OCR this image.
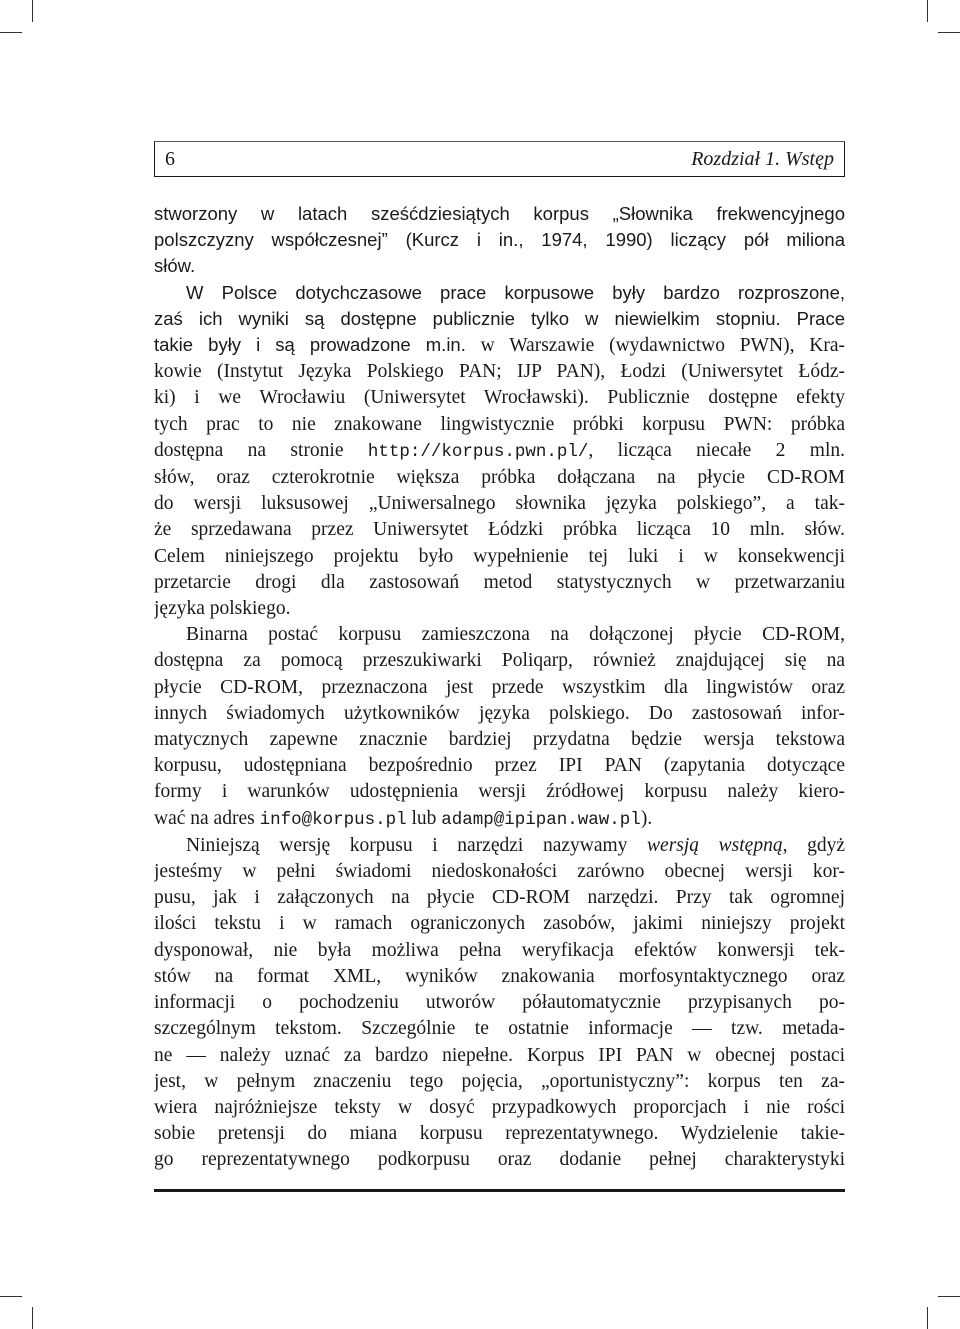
6	Rozdział 1. Wstęp
stworzony w latach sześćdziesiątych korpus „Słownika frekwencyjnego
polszczyzny współczesnej” (Kurcz i in., 1974, 1990) liczący pół miliona
słów.
W Polsce dotychczasowe prace korpusowe były bardzo rozproszone,
zaś ich wyniki są dostępne publicznie tylko w niewielkim stopniu. Prace
takie były i są prowadzone m.in. w Warszawie (wydawnictwo PWN), Kra-
kowie (Instytut Języka Polskiego PAN; IJP PAN), Łodzi (Uniwersytet Łódz-
ki) i we Wrocławiu (Uniwersytet Wrocławski). Publicznie dostępne efekty
tych prac to nie znakowane lingwistycznie próbki korpusu PWN: próbka
dostępna na stronie http://korpus.pwn.pl/, licząca niecałe 2 mln.
słów, oraz czterokrotnie większa próbka dołączana na płycie CD-ROM
do wersji luksusowej „Uniwersalnego słownika języka polskiego”, a tak-
że sprzedawana przez Uniwersytet Łódzki próbka licząca 10 mln. słów.
Celem niniejszego projektu było wypełnienie tej luki i w konsekwencji
przetarcie drogi dla zastosowań metod statystycznych w przetwarzaniu
języka polskiego.
Binarna postać korpusu zamieszczona na dołączonej płycie CD-ROM,
dostępna za pomocą przeszukiwarki Poliqarp, również znajdującej się na
płycie CD-ROM, przeznaczona jest przede wszystkim dla lingwistów oraz
innych świadomych użytkowników języka polskiego. Do zastosowań infor-
matycznych zapewne znacznie bardziej przydatna będzie wersja tekstowa
korpusu, udostępniana bezpośrednio przez IPI PAN (zapytania dotyczące
formy i warunków udostępnienia wersji źródłowej korpusu należy kiero-
wać na adres info@korpus.pl lub adamp@ipipan.waw.pl).
Niniejszą wersję korpusu i narzędzi nazywamy wersją wstępną, gdyż
jesteśmy w pełni świadomi niedoskonałości zarówno obecnej wersji kor-
pusu, jak i załączonych na płycie CD-ROM narzędzi. Przy tak ogromnej
ilości tekstu i w ramach ograniczonych zasobów, jakimi niniejszy projekt
dysponował, nie była możliwa pełna weryfikacja efektów konwersji tek-
stów na format XML, wyników znakowania morfosyntaktycznego oraz
informacji o pochodzeniu utworów półautomatycznie przypisanych po-
szczególnym tekstom. Szczególnie te ostatnie informacje — tzw. metada-
ne — należy uznać za bardzo niepełne. Korpus IPI PAN w obecnej postaci
jest, w pełnym znaczeniu tego pojęcia, „oportunistyczny”: korpus ten za-
wiera najróżniejsze teksty w dosyć przypadkowych proporcjach i nie rości
sobie pretensji do miana korpusu reprezentatywnego. Wydzielenie takie-
go reprezentatywnego podkorpusu oraz dodanie pełnej charakterystyki
